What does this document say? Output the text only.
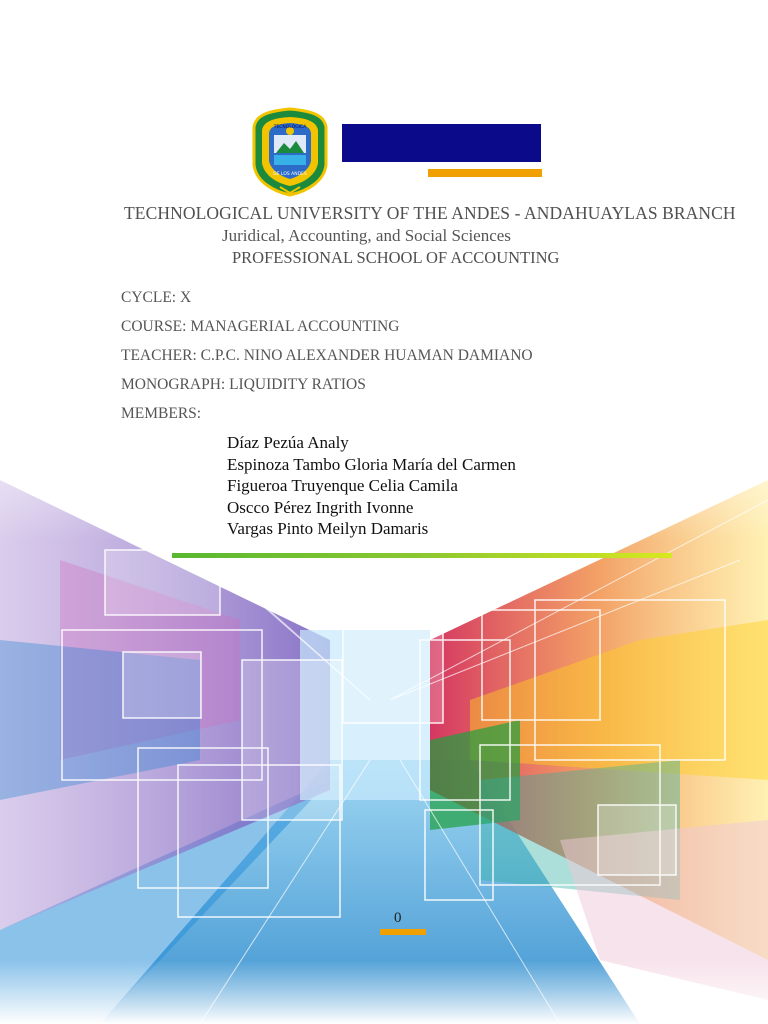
TECNOLÓGICA
DE LOS ANDES
TECHNOLOGICAL UNIVERSITY OF THE ANDES - ANDAHUAYLAS BRANCH
Juridical, Accounting, and Social Sciences
PROFESSIONAL SCHOOL OF ACCOUNTING
CYCLE: X
COURSE: MANAGERIAL ACCOUNTING
TEACHER: C.P.C. NINO ALEXANDER HUAMAN DAMIANO
MONOGRAPH: LIQUIDITY RATIOS
MEMBERS:
Díaz Pezúa Analy
Espinoza Tambo Gloria María del Carmen
Figueroa Truyenque Celia Camila
Oscco Pérez Ingrith Ivonne
Vargas Pinto Meilyn Damaris
0
